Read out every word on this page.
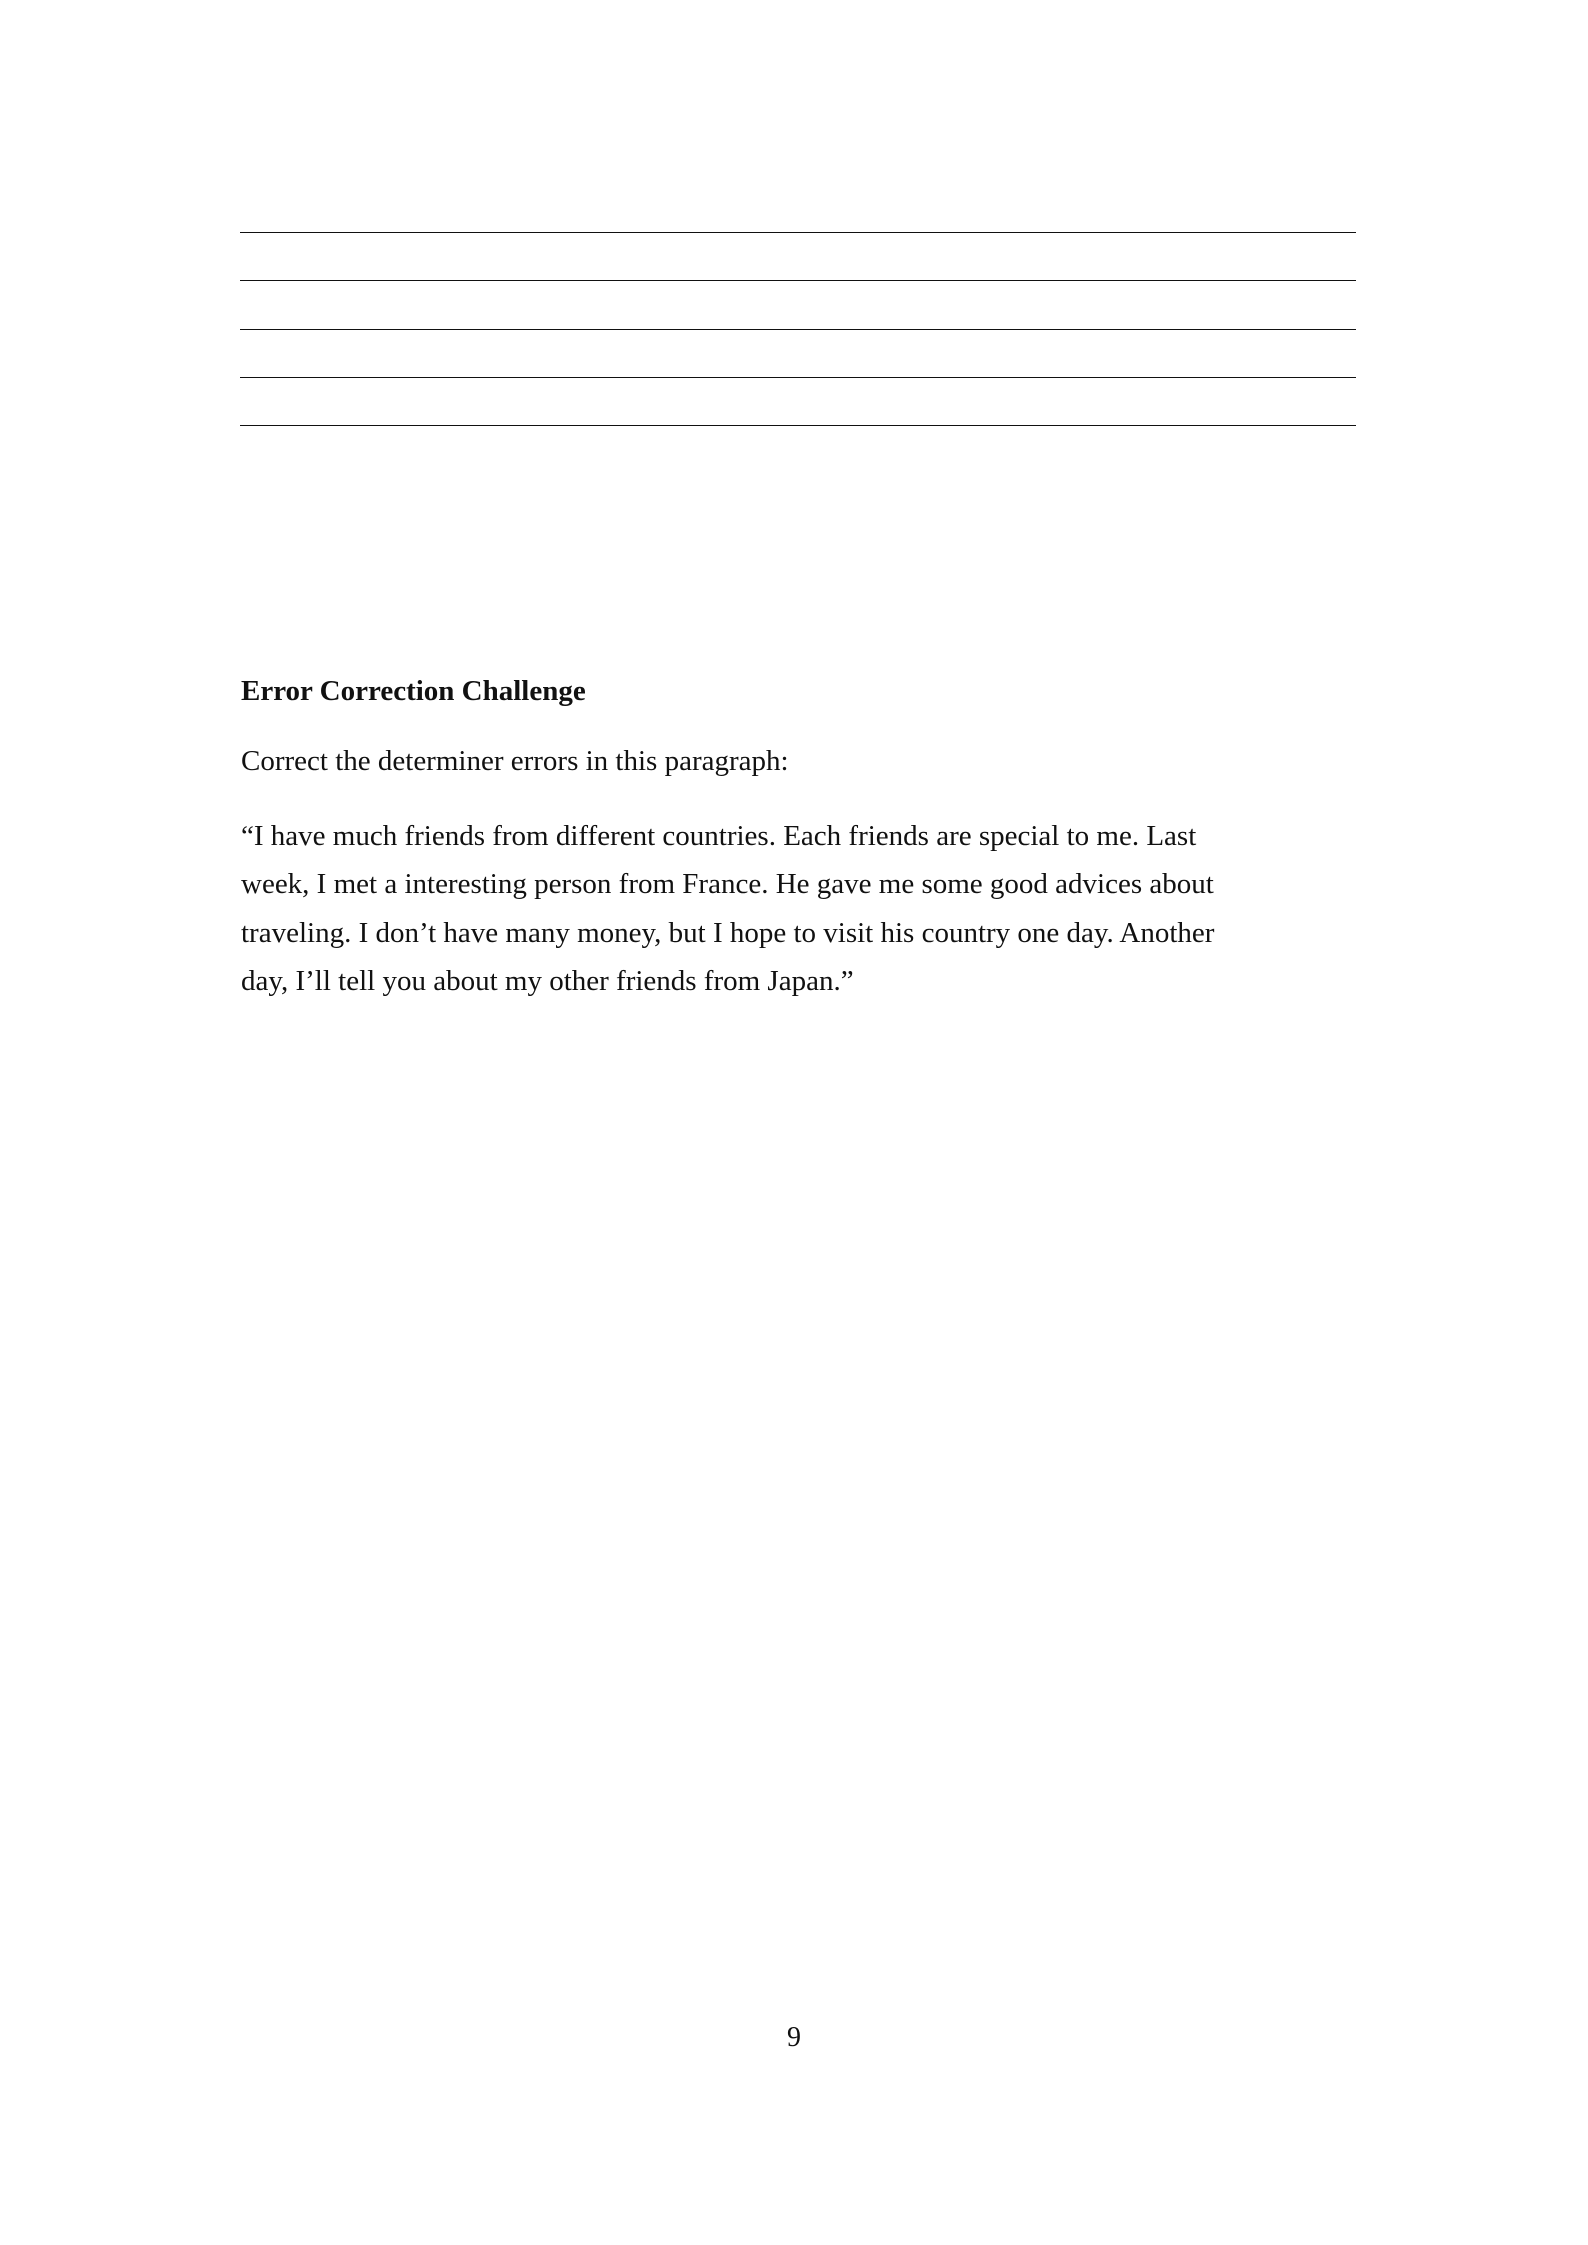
Error Correction Challenge

Correct the determiner errors in this paragraph:

“I have much friends from different countries. Each friends are special to me. Last
week, I met a interesting person from France. He gave me some good advices about
traveling. I don’t have many money, but I hope to visit his country one day. Another
day, I’ll tell you about my other friends from Japan.”

9
